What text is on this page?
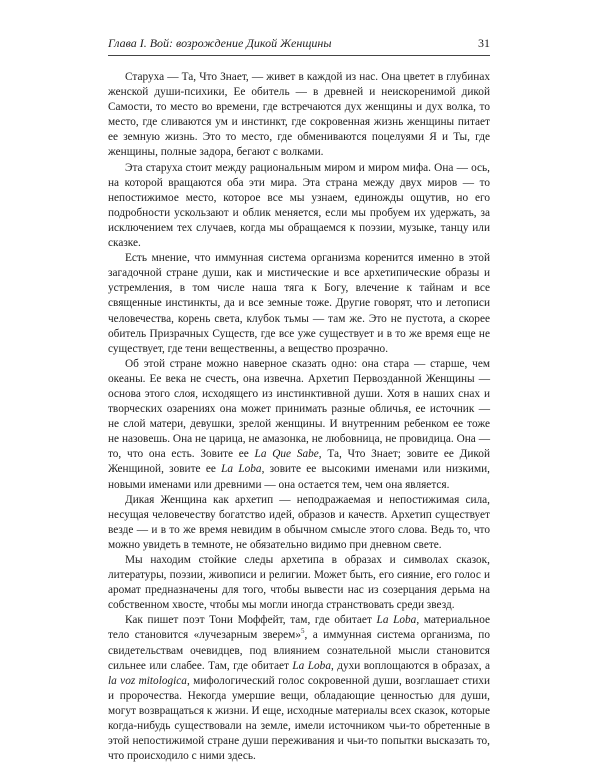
Глава I. Вой: возрождение Дикой Женщины	31

Старуха — Та, Что Знает, — живет в каждой из нас. Она цветет в глубинах женской души-психики, Ее обитель — в древней и неискоренимой дикой Самости, то место во времени, где встречаются дух женщины и дух волка, то место, где сливаются ум и инстинкт, где сокровенная жизнь женщины питает ее земную жизнь. Это то место, где обмениваются поцелуями Я и Ты, где женщины, полные задора, бегают с волками.

Эта старуха стоит между рациональным миром и миром мифа. Она — ось, на которой вращаются оба эти мира. Эта страна между двух миров — то непостижимое место, которое все мы узнаем, единожды ощутив, но его подробности ускользают и облик меняется, если мы пробуем их удержать, за исключением тех случаев, когда мы обращаемся к поэзии, музыке, танцу или сказке.

Есть мнение, что иммунная система организма коренится именно в этой загадочной стране души, как и мистические и все архетипические образы и устремления, в том числе наша тяга к Богу, влечение к тайнам и все священные инстинкты, да и все земные тоже. Другие говорят, что и летописи человечества, корень света, клубок тьмы — там же. Это не пустота, а скорее обитель Призрачных Существ, где все уже существует и в то же время еще не существует, где тени вещественны, а вещество прозрачно.

Об этой стране можно наверное сказать одно: она стара — старше, чем океаны. Ее века не счесть, она извечна. Архетип Первозданной Женщины — основа этого слоя, исходящего из инстинктивной души. Хотя в наших снах и творческих озарениях она может принимать разные обличья, ее источник — не слой матери, девушки, зрелой женщины. И внутренним ребенком ее тоже не назовешь. Она не царица, не амазонка, не любовница, не провидица. Она — то, что она есть. Зовите ее La Que Sabe, Та, Что Знает; зовите ее Дикой Женщиной, зовите ее La Loba, зовите ее высокими именами или низкими, новыми именами или древними — она остается тем, чем она является.

Дикая Женщина как архетип — неподражаемая и непостижимая сила, несущая человечеству богатство идей, образов и качеств. Архетип существует везде — и в то же время невидим в обычном смысле этого слова. Ведь то, что можно увидеть в темноте, не обязательно видимо при дневном свете.

Мы находим стойкие следы архетипа в образах и символах сказок, литературы, поэзии, живописи и религии. Может быть, его сияние, его голос и аромат предназначены для того, чтобы вывести нас из созерцания дерьма на собственном хвосте, чтобы мы могли иногда странствовать среди звезд.

Как пишет поэт Тони Моффейт, там, где обитает La Loba, материальное тело становится «лучезарным зверем»$^5$, а иммунная система организма, по свидетельствам очевидцев, под влиянием сознательной мысли становится сильнее или слабее. Там, где обитает La Loba, духи воплощаются в образах, а la voz mitologica, мифологический голос сокровенной души, возглашает стихи и пророчества. Некогда умершие вещи, обладающие ценностью для души, могут возвращаться к жизни. И еще, исходные материалы всех сказок, которые когда-нибудь существовали на земле, имели источником чьи-то обретенные в этой непостижимой стране души переживания и чьи-то попытки высказать то, что происходило с ними здесь.
